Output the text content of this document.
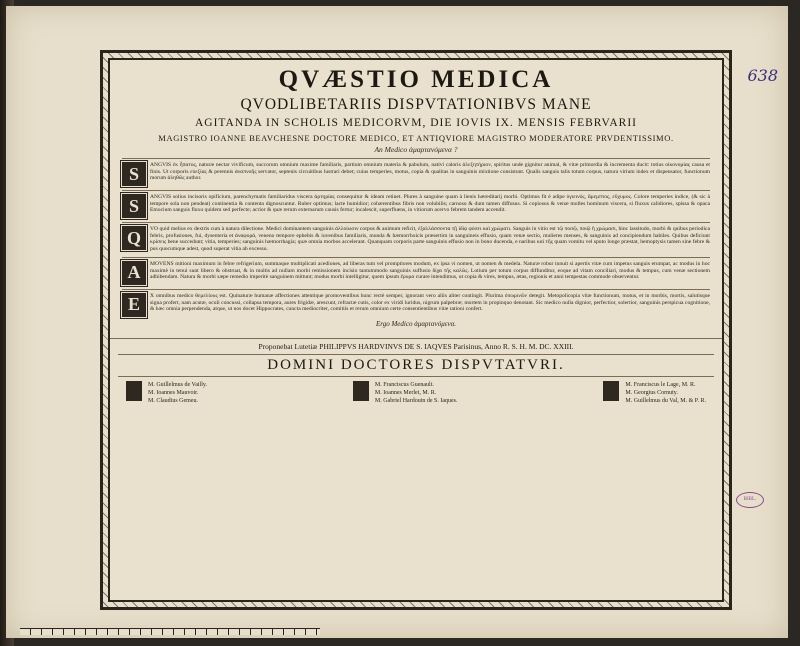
638
QVÆSTIO MEDICA
QVODLIBETARIIS DISPVTATIONIBVS MANE
AGITANDA IN SCHOLIS MEDICORVM, DIE IOVIS IX. MENSIS FEBRVARII
MAGISTRO IOANNE BEAVCHESNE DOCTORE MEDICO, ET ANTIQVIORE MAGISTRO MODERATORE PRVDENTISSIMO.
An Medico ἀμαρτανόμενα ?
S	ANGVIS ἐκ ἧπατος, naturæ nectar vivificum, succorum omnium maxime familiaris, partium omnium materia & pabulum, nativi caloris ἀλεξητήριον, spiritus unde gignitur animal, & vitæ primordia & incrementa ducit: totius οἰκονομίας causa et finis. Ut corporis εὐεξίας & perennis ἀναπνοῆς servator, septenis circuitibus lustrari debet; cuius temperies, motus, copia & qualitas in sanguinis mixtione consistunt. Qualis sanguis talis totum corpus, natura virium index et dispensator, functionum morum ἀληθῶς author.
S	ANGVIS solius incisoris opificium, parenchymatis familiaridus viscera ἀρτηρίας consequitur & ideam retinet. Plures à sanguine quam à lienis hæreditarij morbi. Optimus fit è adipe ὑγιεινός, ἄμεμπτος, εὔχυμος. Colore temperies indice, (& sic à tempore sola non pendeat) continentia & contenta dignoscuntur. Ruber optimus; lacte humidior; cohærentibus fibris non volubilis; carnoso & dum tamen diffusus. Si copiosus & venæ molles hominum viscera, si fluxus calidiores, spissa & opaca Emocium sanguis fluxu quidem sed perfecte; acrior & quæ rerum externarum causis fertur; incalescit, superfluens, in vitiorum acervo febrem tandem accendit.
Q	VO quid melius ex dextris cum à natura dilectione. Medici dominantem sanguinis ἀλλοίωσιν corpus & animum reficit, ἐξαλλάσσοντα τῇ ἰδίᾳ φύσει καὶ χρώματι. Sanguis in vitio est τῷ ποσῷ, ποιῷ ἢ χρώμασι, hinc lassitudo, morbi & quibus periodica febris, profusiones, fui, dysenteria et ἀναφορά, veneno tempore ephebis & iuvenibus familiaris, munda & hæmorrhoicis præsertim in sanguineis effusio, quam venæ sectio, mulieres menses, & sanguinis ad concipiendum habiles. Quibus deficiunt κρίσεις bene succedunt; vitia, temperies; sanguinis hæmorrhagia; quæ omnia morbos accelerant. Quanquam corporis parte sanguinis effusio non in bono ducenda, e naribus καὶ τῆς quam vomitu vel sputo longe præstat, hemoptysis tamen sine febre & pus quocumque adest, quod superat vitia ab excessu.
A	MOVENS mitioni maximum in febre refrigerium, summaque multiplicati acediones, ad liberas tum vel promptiores modum, ex ipsa vi nomen, ut nomen & medela. Naturæ robur innuit si apertis vitæ cum impetus sanguis erumpat, ac modus in hoc maximè in tenui sunt libero & obstruat, & in multis ad nullam morbi remissionem incisio tantummodo sanguinis suffusio δίχα τῆς καλῶς. Lotium per totum corpus diffunditur, eoque ad vitam conciliari, modus & tempus, cum venæ sectionem adhibendam. Natura & morbi sæpe remedio imperitè sanguinem mittunt; modus morbi intelligitur, quem ipsum ἔρυμα curare intendimus, ut copia & vires, tempus, ætas, regionis et anni tempestas commode observentur.
E	X omnibus medico θεμελίους est. Quinaturæ humanæ affectiones attentique promoventibus hunc rectè semper, ignorant vero aliis aliter contingit. Plurima ὀπωρινῶν detegit. Metopolicopia vitæ functionum, motus, et in morbis, mortis, salutisque signa profert, nam acutæ, oculi concussi, collapsa tempora, aures frigidæ, arescunt, refractæ cutis, color ex viridi luridus, nigrum palpebræ; mortem in propinquo denotant. Sic medico nulla dignior, perfectior, solertior, sanguinis perspicua cognitione, & hæc omnia perpendenda, atque, ut nos docet Hippocrates, cuncta mediocriter, comitiis et rerum omnium certe consentientibus vitæ rationi confert.
Ergo Medico ἁμαρτανόμενα.
Proponebat Lutetiæ PHILIPPVS HARDVINVS DE S. IAQVES Parisinus, Anno R. S. H. M. DC. XXIII.
DOMINI DOCTORES DISPVTATVRI.
M. Guillelmus de Vailly.
M. Ioannes Mauvoir.
M. Claudius Gemeu.
M. Franciscus Guenault.
M. Ioannes Merlet, M. R.
M. Gabriel Hardouin de S. Iaques.
M. Franciscus le Lage, M. R.
M. Georgius Cornuty.
M. Guillelmus du Val, M. & P. R.
BIBL.
